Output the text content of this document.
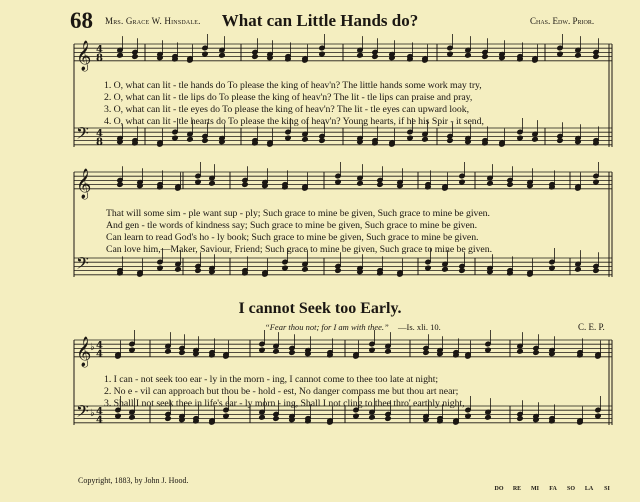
68 Mrs. Grace W. Hinsdale.	What can Little Hands do?	Chas. Edw. Prior.
𝄞
𝄢
𝄞
𝄢
𝄞
𝄢
4
8
4
8
4
4
4
4
♭
♭
1. O, what can lit - tle hands do To please the king of heav'n? The little hands some work may try,
2. O, what can lit - tle lips do To please the king of heav'n? The lit - tle lips can praise and pray,
3. O, what can lit - tle eyes do To please the king of heav'n? The lit - tle eyes can upward look,
4. O, what can lit - tle hearts do To please the king of heav'n? Young hearts, if he his Spir - it send,
That will some sim - ple want sup - ply; Such grace to mine be given, Such grace to mine be given.
And gen - tle words of kindness say; Such grace to mine be given, Such grace to mine be given.
Can learn to read God's ho - ly book; Such grace to mine be given, Such grace to mine be given.
Can love him,—Maker, Saviour, Friend; Such grace to mine be given, Such grace to mine be given.
I cannot Seek too Early.
“Fear thou not; for I am with thee.” —Is. xli. 10.	C. E. P.
1. I can - not seek too ear - ly in the morn - ing, I cannot come to thee too late at night;
2. No e - vil can approach but thou be - hold - est, No danger compass me but thou art near;
3. Shall I not seek thee in life's ear - ly morn - ing, Shall I not cling to thee thro' earthly night,
Copyright, 1883, by John J. Hood.
DO	RE	MI	FA	SO	LA	SI
